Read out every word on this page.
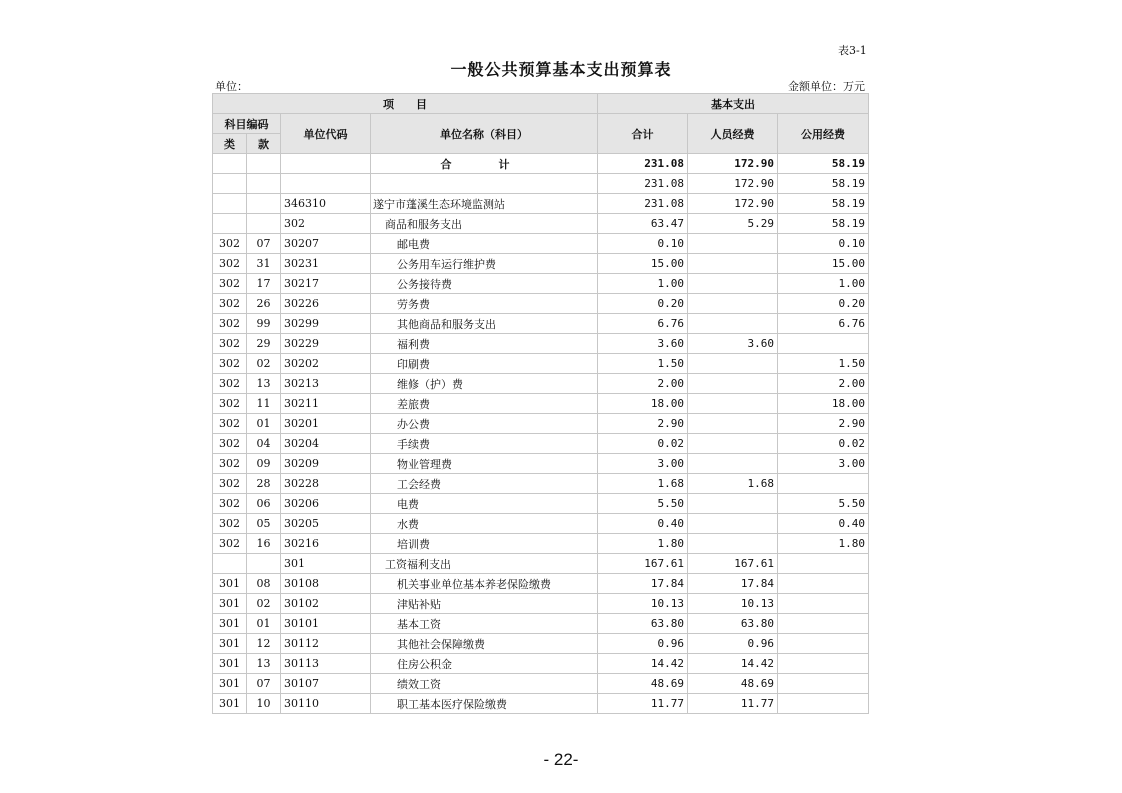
表3-1
一般公共预算基本支出预算表
单位：	金额单位：万元
项　　目				基本支出		
科目编码		单位代码	单位名称（科目）	合计	人员经费	公用经费
类	款					
			合　计	231.08	172.90	58.19
				231.08	172.90	58.19
		346310	遂宁市蓬溪生态环境监测站	231.08	172.90	58.19
		302	商品和服务支出	63.47	5.29	58.19
302	07	30207	邮电费	0.10		0.10
302	31	30231	公务用车运行维护费	15.00		15.00
302	17	30217	公务接待费	1.00		1.00
302	26	30226	劳务费	0.20		0.20
302	99	30299	其他商品和服务支出	6.76		6.76
302	29	30229	福利费	3.60	3.60	
302	02	30202	印刷费	1.50		1.50
302	13	30213	维修（护）费	2.00		2.00
302	11	30211	差旅费	18.00		18.00
302	01	30201	办公费	2.90		2.90
302	04	30204	手续费	0.02		0.02
302	09	30209	物业管理费	3.00		3.00
302	28	30228	工会经费	1.68	1.68	
302	06	30206	电费	5.50		5.50
302	05	30205	水费	0.40		0.40
302	16	30216	培训费	1.80		1.80
		301	工资福利支出	167.61	167.61	
301	08	30108	机关事业单位基本养老保险缴费	17.84	17.84	
301	02	30102	津贴补贴	10.13	10.13	
301	01	30101	基本工资	63.80	63.80	
301	12	30112	其他社会保障缴费	0.96	0.96	
301	13	30113	住房公积金	14.42	14.42	
301	07	30107	绩效工资	48.69	48.69	
301	10	30110	职工基本医疗保险缴费	11.77	11.77	
- 22-
